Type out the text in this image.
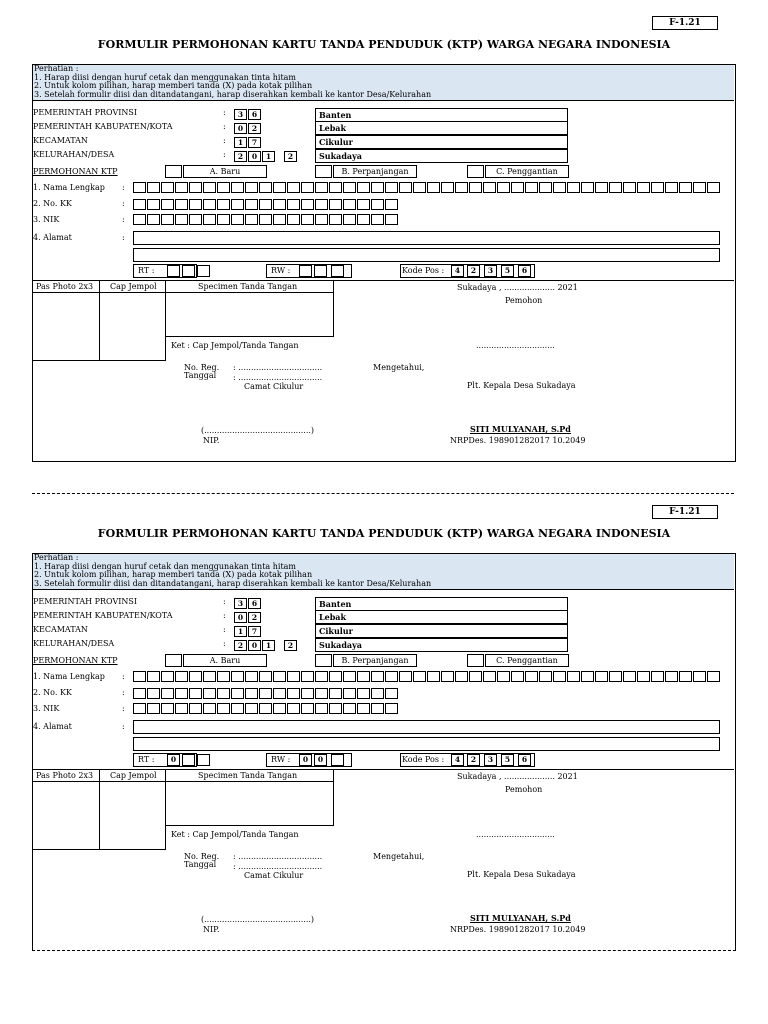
F-1.21
FORMULIR PERMOHONAN KARTU TANDA PENDUDUK (KTP) WARGA NEGARA INDONESIA
Perhatian :
1. Harap diisi dengan huruf cetak dan menggunakan tinta hitam
2. Untuk kolom pilihan, harap memberi tanda (X) pada kotak pilihan
3. Setelah formulir diisi dan ditandatangani, harap diserahkan kembali ke kantor Desa/Kelurahan
PEMERINTAH PROVINSI	:	3	6	Banten
PEMERINTAH KABUPATEN/KOTA	:	0	2	Lebak
KECAMATAN	:	1	7	Cikulur
KELURAHAN/DESA	:	2	0	1	2	Sukadaya
PERMOHONAN KTP	A. Baru	B. Perpanjangan	C. Penggantian
1. Nama Lengkap :
2. No. KK	:
3. NIK	:
4. Alamat	:
RT :	RW :	Kode Pos :	4	2	3	5	6
Pas Photo 2x3 Cap Jempol	Specimen Tanda Tangan
Ket : Cap Jempol/Tanda Tangan
Sukadaya , .................... 2021
Pemohon
...............................
No. Reg. : .................................
Tanggal : .................................
Mengetahui,
Camat Cikulur	Plt. Kepala Desa Sukadaya
(..........................................)
NIP.
SITI MULYANAH, S.Pd
NRPDes. 198901282017 10.2049
F-1.21
FORMULIR PERMOHONAN KARTU TANDA PENDUDUK (KTP) WARGA NEGARA INDONESIA
Perhatian :
1. Harap diisi dengan huruf cetak dan menggunakan tinta hitam
2. Untuk kolom pilihan, harap memberi tanda (X) pada kotak pilihan
3. Setelah formulir diisi dan ditandatangani, harap diserahkan kembali ke kantor Desa/Kelurahan
PEMERINTAH PROVINSI	:	3	6	Banten
PEMERINTAH KABUPATEN/KOTA	:	0	2	Lebak
KECAMATAN	:	1	7	Cikulur
KELURAHAN/DESA	:	2	0	1	2	Sukadaya
PERMOHONAN KTP	A. Baru	B. Perpanjangan	C. Penggantian
1. Nama Lengkap :
2. No. KK	:
3. NIK	:
4. Alamat	:
RT :	0	RW :	0	0	Kode Pos :	4	2	3	5	6
Pas Photo 2x3 Cap Jempol	Specimen Tanda Tangan
Ket : Cap Jempol/Tanda Tangan
Sukadaya , .................... 2021
Pemohon
...............................
No. Reg. : .................................
Tanggal : .................................
Mengetahui,
Camat Cikulur	Plt. Kepala Desa Sukadaya
(..........................................)
NIP.
SITI MULYANAH, S.Pd
NRPDes. 198901282017 10.2049
